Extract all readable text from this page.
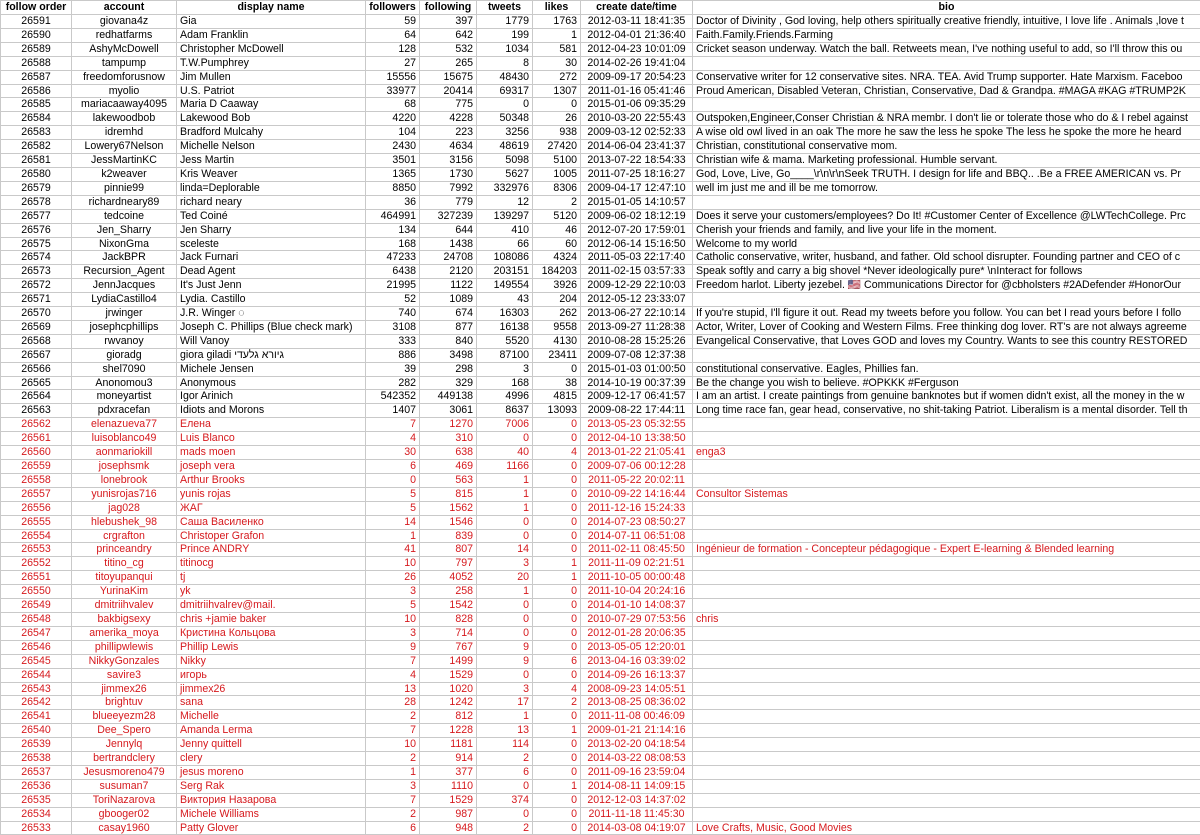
follow order	account	display name	followers	following	tweets	likes	create date/time	bio
26591	giovana4z	Gia	59	397	1779	1763	2012-03-11 18:41:35	Doctor of Divinity , God loving, help others spiritually creative friendly, intuitive, I love life . Animals ,love t
26590	redhatfarms	Adam Franklin	64	642	199	1	2012-04-01 21:36:40	Faith.Family.Friends.Farming
26589	AshyMcDowell	Christopher McDowell	128	532	1034	581	2012-04-23 10:01:09	Cricket season underway. Watch the ball. Retweets mean, I've nothing useful to add, so I'll throw this ou
26588	tampump	T.W.Pumphrey	27	265	8	30	2014-02-26 19:41:04	
26587	freedomforusnow	Jim Mullen	15556	15675	48430	272	2009-09-17 20:54:23	Conservative writer for 12 conservative sites. NRA. TEA. Avid Trump supporter. Hate Marxism. Faceboo
26586	myolio	U.S. Patriot	33977	20414	69317	1307	2011-01-16 05:41:46	Proud American, Disabled Veteran, Christian, Conservative, Dad & Grandpa. #MAGA #KAG #TRUMP2K
26585	mariacaaway4095	Maria D Caaway	68	775	0	0	2015-01-06 09:35:29	
26584	lakewoodbob	Lakewood Bob	4220	4228	50348	26	2010-03-20 22:55:43	Outspoken,Engineer,Conser Christian & NRA membr. I don't lie or tolerate those who do & I rebel against
26583	idremhd	Bradford Mulcahy	104	223	3256	938	2009-03-12 02:52:33	A wise old owl lived in an oak The more he saw the less he spoke The less he spoke the more he heard
26582	Lowery67Nelson	Michelle Nelson	2430	4634	48619	27420	2014-06-04 23:41:37	Christian, constitutional conservative mom.
26581	JessMartinKC	Jess Martin	3501	3156	5098	5100	2013-07-22 18:54:33	Christian wife & mama. Marketing professional. Humble servant.
26580	k2weaver	Kris Weaver	1365	1730	5627	1005	2011-07-25 18:16:27	God, Love, Live, Go____\r\n\r\nSeek TRUTH. I design for life and BBQ.. .Be a FREE AMERICAN vs. Pr
26579	pinnie99	linda=Deplorable	8850	7992	332976	8306	2009-04-17 12:47:10	well im just me and ill be me tomorrow.
26578	richardneary89	richard neary	36	779	12	2	2015-01-05 14:10:57	
26577	tedcoine	Ted Coiné	464991	327239	139297	5120	2009-06-02 18:12:19	Does it serve your customers/employees? Do It! #Customer Center of Excellence @LWTechCollege. Prc
26576	Jen_Sharry	Jen Sharry	134	644	410	46	2012-07-20 17:59:01	Cherish your friends and family, and live your life in the moment.
26575	NixonGma	sceleste	168	1438	66	60	2012-06-14 15:16:50	Welcome to my world
26574	JackBPR	Jack Furnari	47233	24708	108086	4324	2011-05-03 22:17:40	Catholic conservative, writer, husband, and father. Old school disrupter. Founding partner and CEO of c
26573	Recursion_Agent	Dead Agent	6438	2120	203151	184203	2011-02-15 03:57:33	Speak softly and carry a big shovel *Never ideologically pure* \nInteract for follows
26572	JennJacques	It's Just Jenn	21995	1122	149554	3926	2009-12-29 22:10:03	Freedom harlot. Liberty jezebel. 🇺🇸 Communications Director for @cbholsters #2ADefender #HonorOur
26571	LydiaCastillo4	Lydia. Castillo	52	1089	43	204	2012-05-12 23:33:07	
26570	jrwinger	J.R. Winger ◌	740	674	16303	262	2013-06-27 22:10:14	If you're stupid, I'll figure it out. Read my tweets before you follow. You can bet I read yours before I follo
26569	josephcphillips	Joseph C. Phillips (Blue check mark)	3108	877	16138	9558	2013-09-27 11:28:38	Actor, Writer, Lover of Cooking and Western Films. Free thinking dog lover. RT's are not always agreeme
26568	rwvanoy	Will Vanoy	333	840	5520	4130	2010-08-28 15:25:26	Evangelical Conservative, that Loves GOD and loves my Country. Wants to see this country RESTORED
26567	gioradg	giora giladi גיורא גלעדי	886	3498	87100	23411	2009-07-08 12:37:38	
26566	shel7090	Michele Jensen	39	298	3	0	2015-01-03 01:00:50	constitutional conservative. Eagles, Phillies fan.
26565	Anonomou3	Anonymous	282	329	168	38	2014-10-19 00:37:39	Be the change you wish to believe. #OPKKK #Ferguson
26564	moneyartist	Igor Arinich	542352	449138	4996	4815	2009-12-17 06:41:57	I am an artist. I create paintings from genuine banknotes but if women didn't exist, all the money in the w
26563	pdxracefan	Idiots and Morons	1407	3061	8637	13093	2009-08-22 17:44:11	Long time race fan, gear head, conservative, no shit-taking Patriot. Liberalism is a mental disorder. Tell th
26562	elenazueva77	Елена	7	1270	7006	0	2013-05-23 05:32:55	
26561	luisoblanco49	Luis Blanco	4	310	0	0	2012-04-10 13:38:50	
26560	aonmariokill	mads moen	30	638	40	4	2013-01-22 21:05:41	enga3
26559	josephsmk	joseph vera	6	469	1166	0	2009-07-06 00:12:28	
26558	lonebrook	Arthur Brooks	0	563	1	0	2011-05-22 20:02:11	
26557	yunisrojas716	yunis rojas	5	815	1	0	2010-09-22 14:16:44	Consultor Sistemas
26556	jag028	ЖАГ	5	1562	1	0	2011-12-16 15:24:33	
26555	hlebushek_98	Саша Василенко	14	1546	0	0	2014-07-23 08:50:27	
26554	crgrafton	Christoper Grafon	1	839	0	0	2014-07-11 06:51:08	
26553	princeandry	Prince ANDRY	41	807	14	0	2011-02-11 08:45:50	Ingénieur de formation - Concepteur pédagogique - Expert E-learning & Blended learning
26552	titino_cg	titinocg	10	797	3	1	2011-11-09 02:21:51	
26551	titoyupanqui	tj	26	4052	20	1	2011-10-05 00:00:48	
26550	YurinaKim	yk	3	258	1	0	2011-10-04 20:24:16	
26549	dmitriihvalev	dmitriihvalrev@mail.	5	1542	0	0	2014-01-10 14:08:37	
26548	bakbigsexy	chris +jamie baker	10	828	0	0	2010-07-29 07:53:56	chris
26547	amerika_moya	Кристина Кольцова	3	714	0	0	2012-01-28 20:06:35	
26546	phillipwlewis	Phillip Lewis	9	767	9	0	2013-05-05 12:20:01	
26545	NikkyGonzales	Nikky	7	1499	9	6	2013-04-16 03:39:02	
26544	savire3	игорь	4	1529	0	0	2014-09-26 16:13:37	
26543	jimmex26	jimmex26	13	1020	3	4	2008-09-23 14:05:51	
26542	brightuv	sana	28	1242	17	2	2013-08-25 08:36:02	
26541	blueeyezm28	Michelle	2	812	1	0	2011-11-08 00:46:09	
26540	Dee_Spero	Amanda Lerma	7	1228	13	1	2009-01-21 21:14:16	
26539	Jennylq	Jenny quittell	10	1181	114	0	2013-02-20 04:18:54	
26538	bertrandclery	clery	2	914	2	0	2014-03-22 08:08:53	
26537	Jesusmoreno479	jesus moreno	1	377	6	0	2011-09-16 23:59:04	
26536	susuman7	Serg Rak	3	1110	0	1	2014-08-11 14:09:15	
26535	ToriNazarova	Виктория Назарова	7	1529	374	0	2012-12-03 14:37:02	
26534	gbooger02	Michele Williams	2	987	0	0	2011-11-18 11:45:30	
26533	casay1960	Patty Glover	6	948	2	0	2014-03-08 04:19:07	Love Crafts, Music, Good Movies
